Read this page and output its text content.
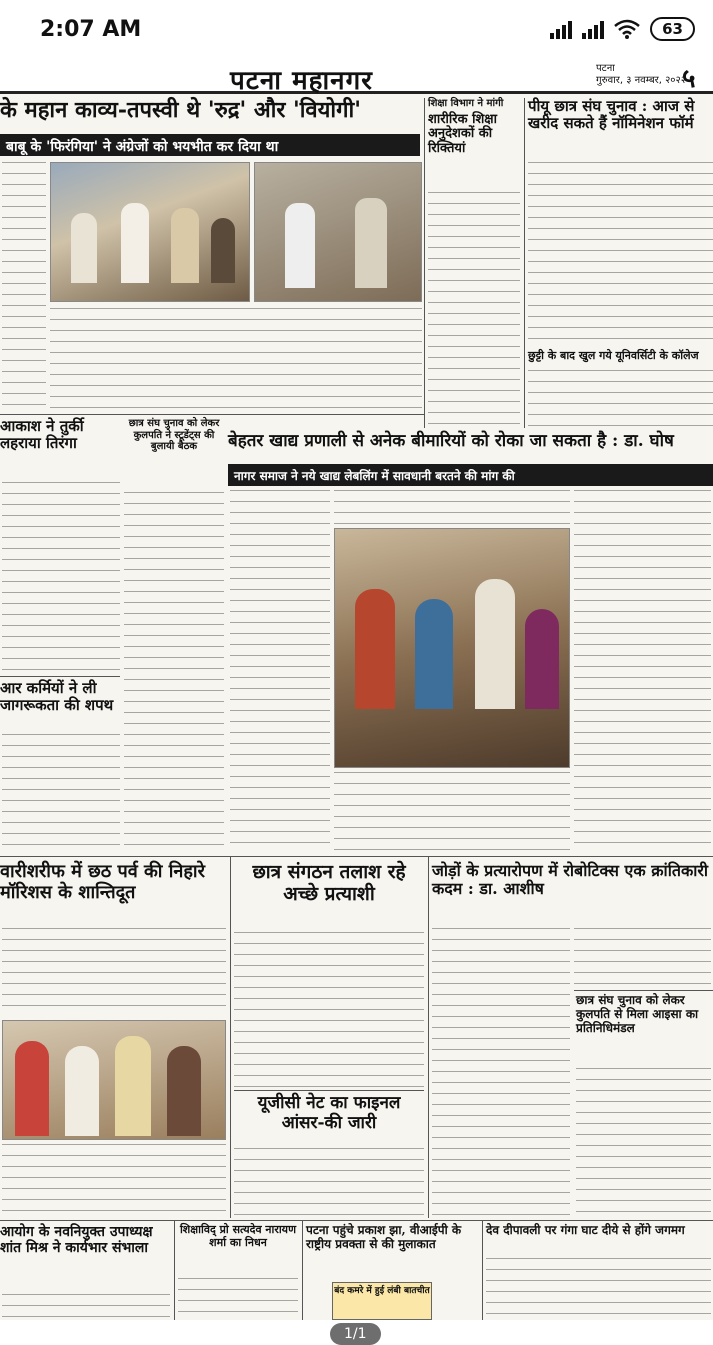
2:07 AM	63
पटना महानगर	पटना
गुरुवार, ३ नवम्बर, २०२२
५
के महान काव्य-तपस्वी थे 'रुद्र' और 'वियोगी'
बाबू के 'फिरंगिया' ने अंग्रेजों को भयभीत कर दिया था
शिक्षा विभाग ने मांगी
शारीरिक शिक्षा अनुदेशकों की रिक्तियां
पीयू छात्र संघ चुनाव : आज से खरीद सकते हैं नॉमिनेशन फॉर्म
छुट्टी के बाद खुल गये यूनिवर्सिटी के कॉलेज
आकाश ने तुर्की लहराया तिरंगा
छात्र संघ चुनाव को लेकर कुलपति ने स्टूडेंट्स की बुलायी बैठक	बेहतर खाद्य प्रणाली से अनेक बीमारियों को रोका जा सकता है : डा. घोष
नागर समाज ने नये खाद्य लेबलिंग में सावधानी बरतने की मांग की
आर कर्मियों ने ली जागरूकता की शपथ
वारीशरीफ में छठ पर्व की निहारे मॉरिशस के शान्तिदूत
छात्र संगठन तलाश रहे अच्छे प्रत्याशी
यूजीसी नेट का फाइनल आंसर-की जारी
जोड़ों के प्रत्यारोपण में रोबोटिक्स एक क्रांतिकारी कदम : डा. आशीष
छात्र संघ चुनाव को लेकर कुलपति से मिला आइसा का प्रतिनिधिमंडल
आयोग के नवनियुक्त उपाध्यक्ष शांत मिश्र ने कार्यभार संभाला
शिक्षाविद् प्रो सत्यदेव नारायण शर्मा का निधन
पटना पहुंचे प्रकाश झा, वीआईपी के राष्ट्रीय प्रवक्ता से की मुलाकात
बंद कमरे में हुई लंबी बातचीत
देव दीपावली पर गंगा घाट दीये से होंगे जगमग
1/1
